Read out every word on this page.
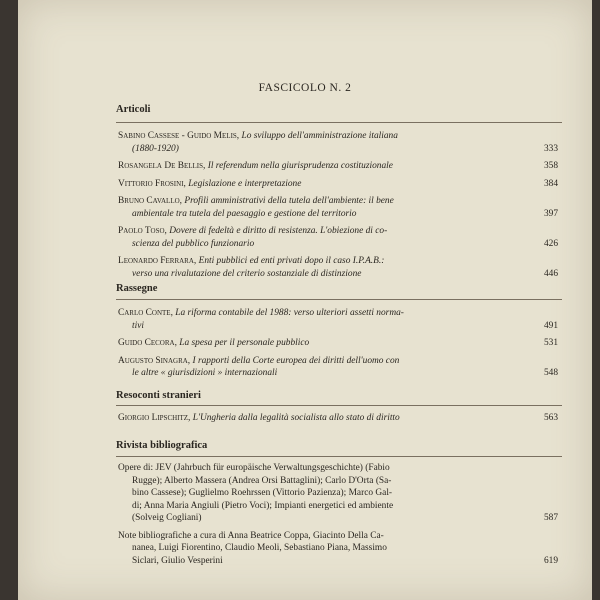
FASCICOLO N. 2
Articoli
Sabino Cassese - Guido Melis, Lo sviluppo dell'amministrazione italiana
(1880-1920)	333
Rosangela De Bellis, Il referendum nella giurisprudenza costituzionale	358
Vittorio Frosini, Legislazione e interpretazione	384
Bruno Cavallo, Profili amministrativi della tutela dell'ambiente: il bene
ambientale tra tutela del paesaggio e gestione del territorio	397
Paolo Toso, Dovere di fedeltà e diritto di resistenza. L'obiezione di co-
scienza del pubblico funzionario	426
Leonardo Ferrara, Enti pubblici ed enti privati dopo il caso I.P.A.B.:
verso una rivalutazione del criterio sostanziale di distinzione	446
Rassegne
Carlo Conte, La riforma contabile del 1988: verso ulteriori assetti norma-
tivi	491
Guido Cecora, La spesa per il personale pubblico	531
Augusto Sinagra, I rapporti della Corte europea dei diritti dell'uomo con
le altre « giurisdizioni » internazionali	548
Resoconti stranieri
Giorgio Lipschitz, L'Ungheria dalla legalità socialista allo stato di diritto	563
Rivista bibliografica
Opere di: JEV (Jahrbuch für europäische Verwaltungsgeschichte) (Fabio
Rugge); Alberto Massera (Andrea Orsi Battaglini); Carlo D'Orta (Sa-
bino Cassese); Guglielmo Roehrssen (Vittorio Pazienza); Marco Gal-
di; Anna Maria Angiuli (Pietro Voci); Impianti energetici ed ambiente
(Solveig Cogliani)	587
Note bibliografiche a cura di Anna Beatrice Coppa, Giacinto Della Ca-
nanea, Luigi Fiorentino, Claudio Meoli, Sebastiano Piana, Massimo
Siclari, Giulio Vesperini	619
